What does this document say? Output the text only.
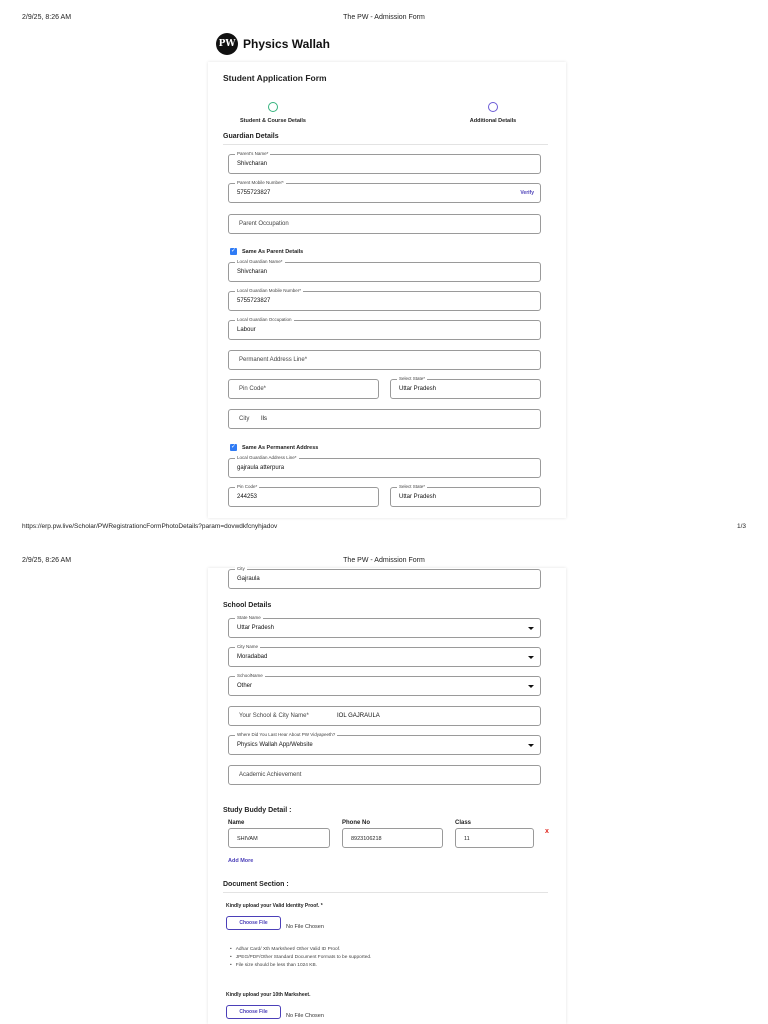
2/9/25, 8:26 AM	The PW - Admission Form
PW Physics Wallah
Student Application Form
Student & Course Details	Additional Details
Guardian Details
Parent's Name*
Shivcharan
Parent Mobile Number*
5755723827	Verify
Parent Occupation
✓ Same As Parent Details
Local Guardian Name*
Shivcharan
Local Guardian Mobile Number*
5755723827
Local Guardian Occupation
Labour
Permanent Address Line*
Pin Code*
Select State*
Uttar Pradesh
City Ils
✓ Same As Permanent Address
Local Guardian Address Line*
gajraula atterpura
Pin Code*
244253
Select State*
Uttar Pradesh
https://erp.pw.live/Scholar/PWRegistrationcFormPhotoDetails?param=dovwdkfcnyhjadov	1/3
2/9/25, 8:26 AM	The PW - Admission Form
City
Gajraula
School Details
State Name
Uttar Pradesh
City Name
Moradabad
SchoolName
Other
Your School & City Name*	IOL GAJRAULA
Where Did You Last Hear About PW Vidyapeeth?
Physics Wallah App/Website
Academic Achievement
Study Buddy Detail :
Name	Phone No	Class
SHIVAM	8923106218	11
x
Add More
Document Section :
Kindly upload your Valid Identity Proof. *
Choose File
No File Chosen
• Adhar Card/ Xth Marksheet/ Other Valid ID Proof.
• JPEG/PDF/Other Standard Document Formats to be supported.
• File size should be less than 1024 KB.
Kindly upload your 10th Marksheet.
Choose File
No File Chosen
